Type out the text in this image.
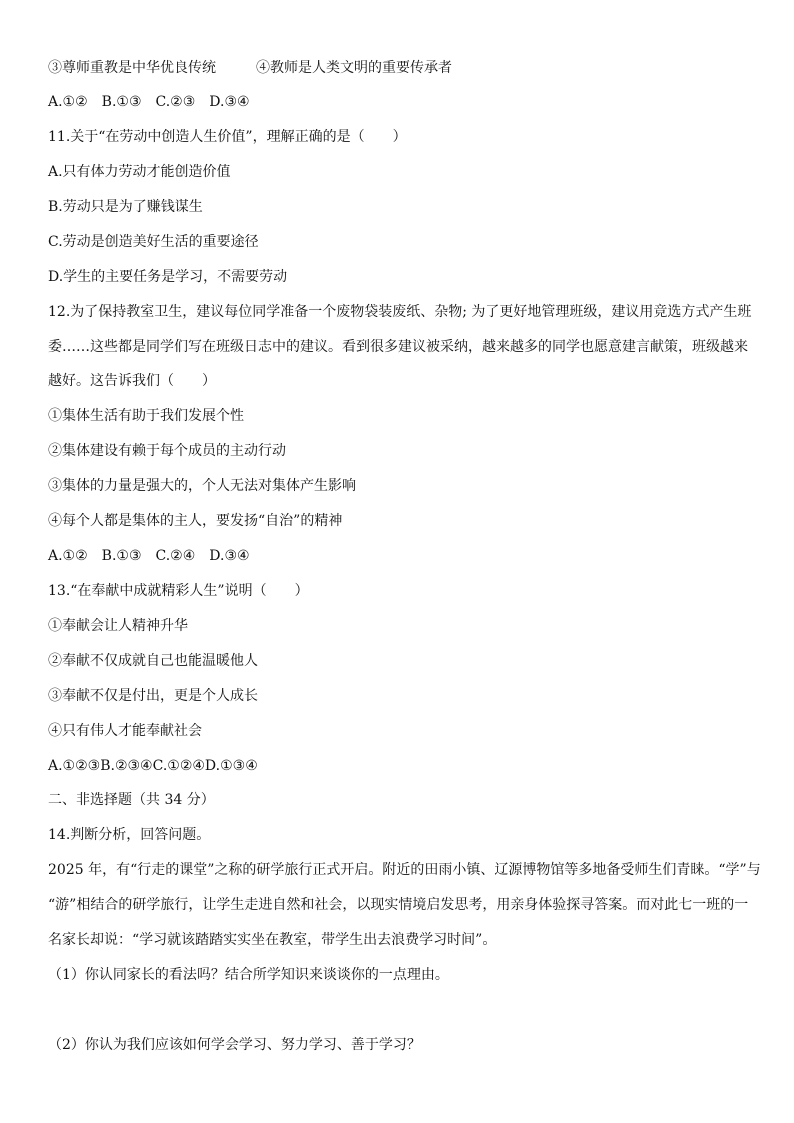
③尊师重教是中华优良传统	④教师是人类文明的重要传承者
A.①②　B.①③　C.②③　D.③④
11.关于“在劳动中创造人生价值”，理解正确的是（　　）
A.只有体力劳动才能创造价值
B.劳动只是为了赚钱谋生
C.劳动是创造美好生活的重要途径
D.学生的主要任务是学习，不需要劳动
12.为了保持教室卫生，建议每位同学准备一个废物袋装废纸、杂物; 为了更好地管理班级，建议用竞选方式产生班
委……这些都是同学们写在班级日志中的建议。看到很多建议被采纳，越来越多的同学也愿意建言献策，班级越来
越好。这告诉我们（　　）
①集体生活有助于我们发展个性
②集体建设有赖于每个成员的主动行动
③集体的力量是强大的，个人无法对集体产生影响
④每个人都是集体的主人，要发扬“自治”的精神
A.①②　B.①③　C.②④　D.③④
13.“在奉献中成就精彩人生”说明（　　）
①奉献会让人精神升华
②奉献不仅成就自己也能温暖他人
③奉献不仅是付出，更是个人成长
④只有伟人才能奉献社会
A.①②③B.②③④C.①②④D.①③④
二、非选择题（共 34 分）
14.判断分析，回答问题。
2025 年，有“行走的课堂”之称的研学旅行正式开启。附近的田雨小镇、辽源博物馆等多地备受师生们青睐。“学”与
“游”相结合的研学旅行，让学生走进自然和社会，以现实情境启发思考，用亲身体验探寻答案。而对此七一班的一
名家长却说：“学习就该踏踏实实坐在教室，带学生出去浪费学习时间”。
（1）你认同家长的看法吗？结合所学知识来谈谈你的一点理由。
（2）你认为我们应该如何学会学习、努力学习、善于学习？
